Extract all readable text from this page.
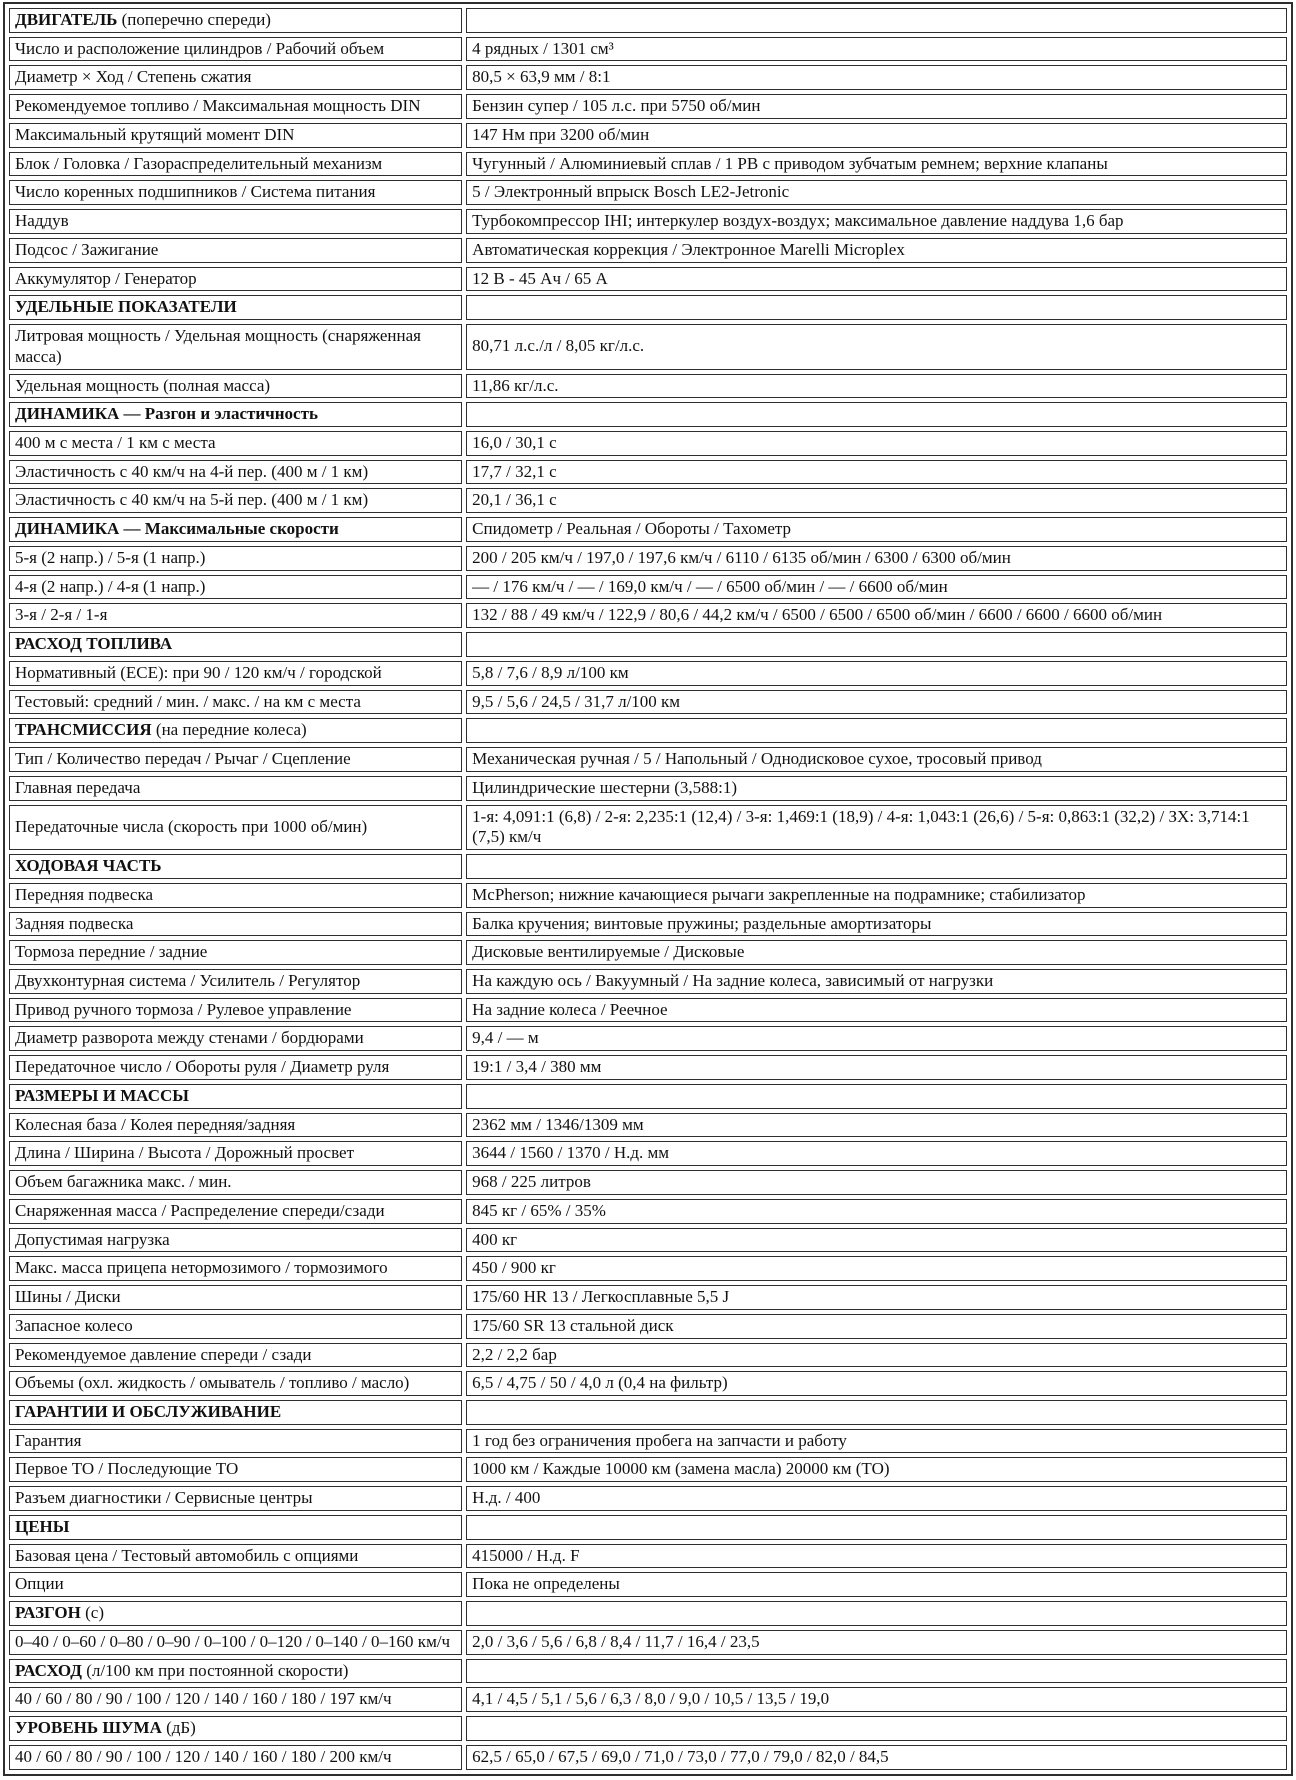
ДВИГАТЕЛЬ (поперечно спереди)	
Число и расположение цилиндров / Рабочий объем	4 рядных / 1301 см³
Диаметр × Ход / Степень сжатия	80,5 × 63,9 мм / 8:1
Рекомендуемое топливо / Максимальная мощность DIN	Бензин супер / 105 л.с. при 5750 об/мин
Максимальный крутящий момент DIN	147 Нм при 3200 об/мин
Блок / Головка / Газораспределительный механизм	Чугунный / Алюминиевый сплав / 1 РВ с приводом зубчатым ремнем; верхние клапаны
Число коренных подшипников / Система питания	5 / Электронный впрыск Bosch LE2-Jetronic
Наддув	Турбокомпрессор IHI; интеркулер воздух-воздух; максимальное давление наддува 1,6 бар
Подсос / Зажигание	Автоматическая коррекция / Электронное Marelli Microplex
Аккумулятор / Генератор	12 В - 45 Ач / 65 А
УДЕЛЬНЫЕ ПОКАЗАТЕЛИ	
Литровая мощность / Удельная мощность (снаряженная масса)	80,71 л.с./л / 8,05 кг/л.с.
Удельная мощность (полная масса)	11,86 кг/л.с.
ДИНАМИКА — Разгон и эластичность	
400 м с места / 1 км с места	16,0 / 30,1 с
Эластичность с 40 км/ч на 4-й пер. (400 м / 1 км)	17,7 / 32,1 с
Эластичность с 40 км/ч на 5-й пер. (400 м / 1 км)	20,1 / 36,1 с
ДИНАМИКА — Максимальные скорости	Спидометр / Реальная / Обороты / Тахометр
5-я (2 напр.) / 5-я (1 напр.)	200 / 205 км/ч / 197,0 / 197,6 км/ч / 6110 / 6135 об/мин / 6300 / 6300 об/мин
4-я (2 напр.) / 4-я (1 напр.)	— / 176 км/ч / — / 169,0 км/ч / — / 6500 об/мин / — / 6600 об/мин
3-я / 2-я / 1-я	132 / 88 / 49 км/ч / 122,9 / 80,6 / 44,2 км/ч / 6500 / 6500 / 6500 об/мин / 6600 / 6600 / 6600 об/мин
РАСХОД ТОПЛИВА	
Нормативный (ECE): при 90 / 120 км/ч / городской	5,8 / 7,6 / 8,9 л/100 км
Тестовый: средний / мин. / макс. / на км с места	9,5 / 5,6 / 24,5 / 31,7 л/100 км
ТРАНСМИССИЯ (на передние колеса)	
Тип / Количество передач / Рычаг / Сцепление	Механическая ручная / 5 / Напольный / Однодисковое сухое, тросовый привод
Главная передача	Цилиндрические шестерни (3,588:1)
Передаточные числа (скорость при 1000 об/мин)	1-я: 4,091:1 (6,8) / 2-я: 2,235:1 (12,4) / 3-я: 1,469:1 (18,9) / 4-я: 1,043:1 (26,6) / 5-я: 0,863:1 (32,2) / ЗХ: 3,714:1 (7,5) км/ч
ХОДОВАЯ ЧАСТЬ	
Передняя подвеска	McPherson; нижние качающиеся рычаги закрепленные на подрамнике; стабилизатор
Задняя подвеска	Балка кручения; винтовые пружины; раздельные амортизаторы
Тормоза передние / задние	Дисковые вентилируемые / Дисковые
Двухконтурная система / Усилитель / Регулятор	На каждую ось / Вакуумный / На задние колеса, зависимый от нагрузки
Привод ручного тормоза / Рулевое управление	На задние колеса / Реечное
Диаметр разворота между стенами / бордюрами	9,4 / — м
Передаточное число / Обороты руля / Диаметр руля	19:1 / 3,4 / 380 мм
РАЗМЕРЫ И МАССЫ	
Колесная база / Колея передняя/задняя	2362 мм / 1346/1309 мм
Длина / Ширина / Высота / Дорожный просвет	3644 / 1560 / 1370 / Н.д. мм
Объем багажника макс. / мин.	968 / 225 литров
Снаряженная масса / Распределение спереди/сзади	845 кг / 65% / 35%
Допустимая нагрузка	400 кг
Макс. масса прицепа нетормозимого / тормозимого	450 / 900 кг
Шины / Диски	175/60 HR 13 / Легкосплавные 5,5 J
Запасное колесо	175/60 SR 13 стальной диск
Рекомендуемое давление спереди / сзади	2,2 / 2,2 бар
Объемы (охл. жидкость / омыватель / топливо / масло)	6,5 / 4,75 / 50 / 4,0 л (0,4 на фильтр)
ГАРАНТИИ И ОБСЛУЖИВАНИЕ	
Гарантия	1 год без ограничения пробега на запчасти и работу
Первое ТО / Последующие ТО	1000 км / Каждые 10000 км (замена масла) 20000 км (ТО)
Разъем диагностики / Сервисные центры	Н.д. / 400
ЦЕНЫ	
Базовая цена / Тестовый автомобиль с опциями	415000 / Н.д. F
Опции	Пока не определены
РАЗГОН (с)	
0–40 / 0–60 / 0–80 / 0–90 / 0–100 / 0–120 / 0–140 / 0–160 км/ч	2,0 / 3,6 / 5,6 / 6,8 / 8,4 / 11,7 / 16,4 / 23,5
РАСХОД (л/100 км при постоянной скорости)	
40 / 60 / 80 / 90 / 100 / 120 / 140 / 160 / 180 / 197 км/ч	4,1 / 4,5 / 5,1 / 5,6 / 6,3 / 8,0 / 9,0 / 10,5 / 13,5 / 19,0
УРОВЕНЬ ШУМА (дБ)	
40 / 60 / 80 / 90 / 100 / 120 / 140 / 160 / 180 / 200 км/ч	62,5 / 65,0 / 67,5 / 69,0 / 71,0 / 73,0 / 77,0 / 79,0 / 82,0 / 84,5
